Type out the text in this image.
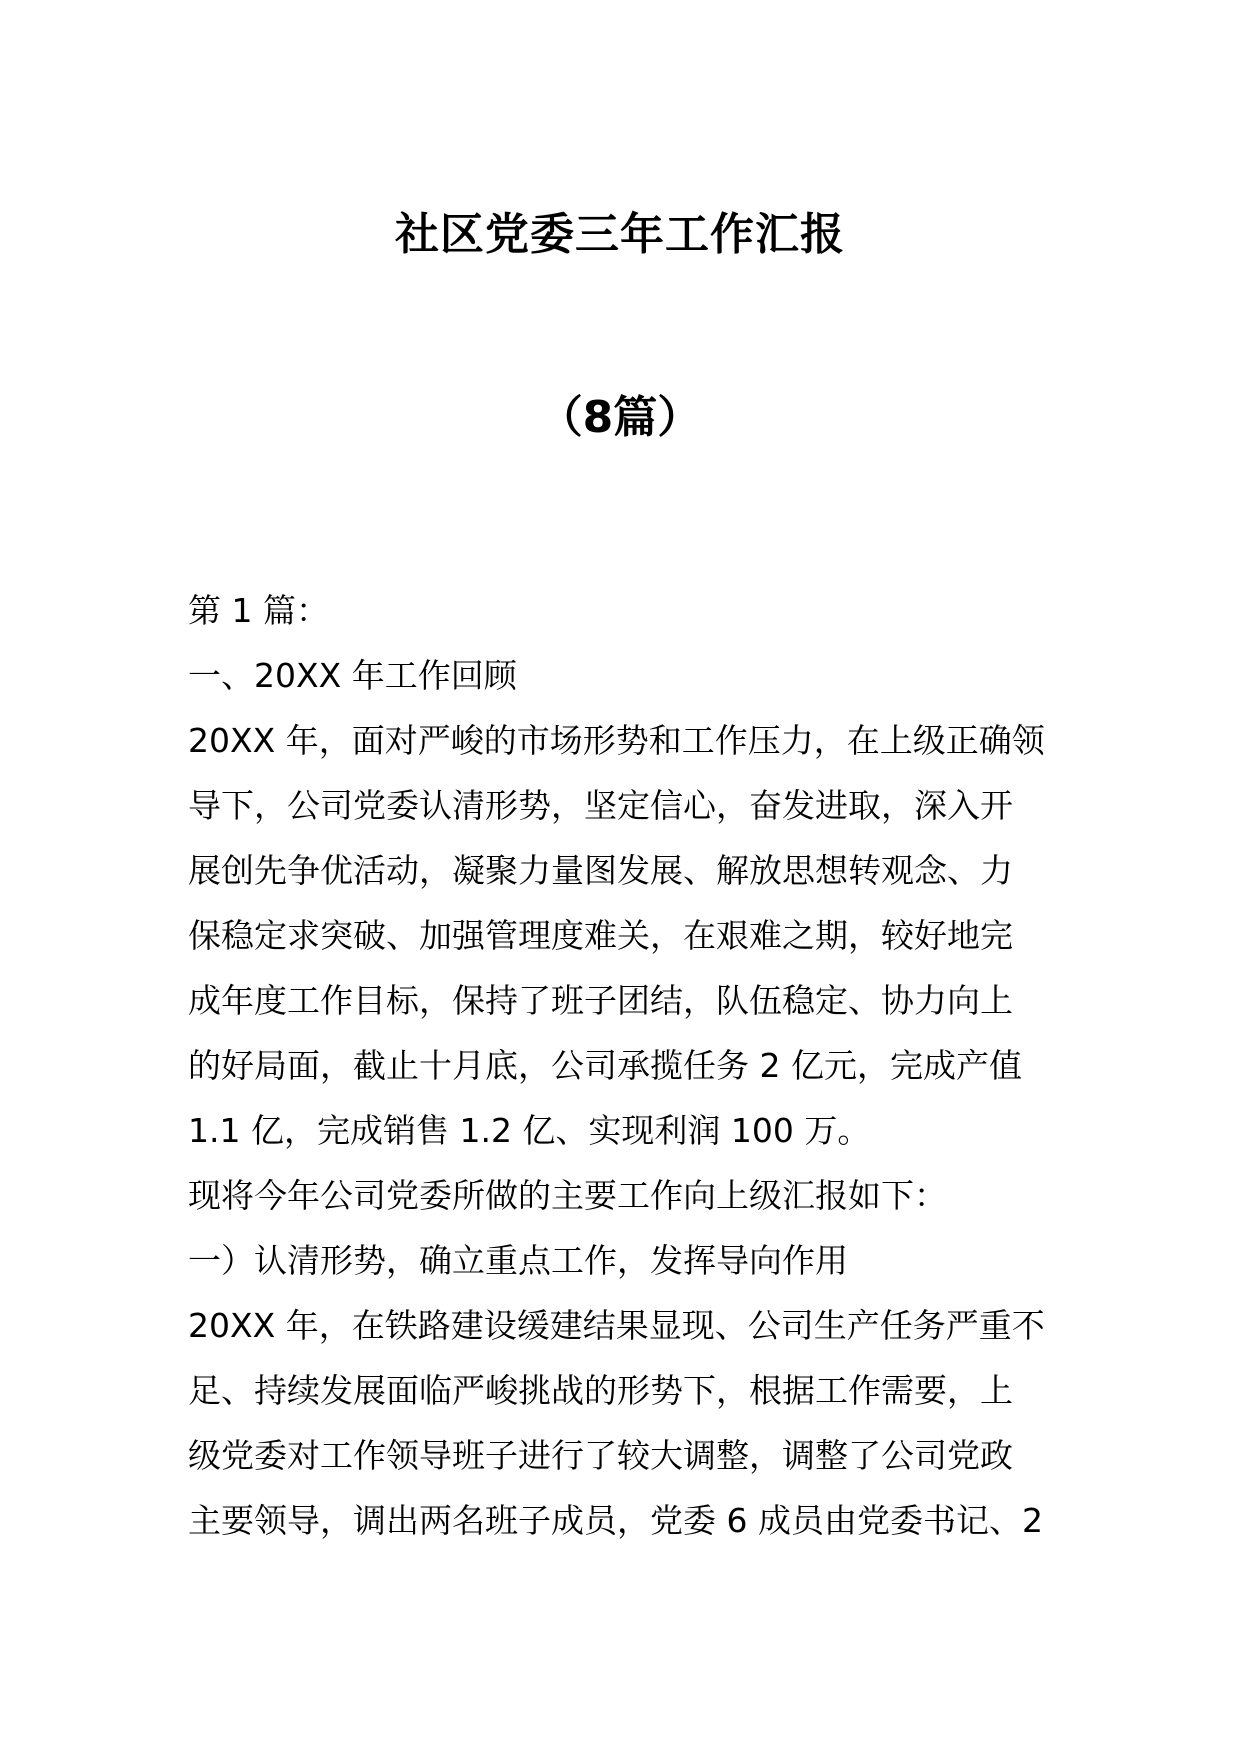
社区党委三年工作汇报
（8篇）
第 1 篇：
一、20XX 年工作回顾
20XX 年，面对严峻的市场形势和工作压力，在上级正确领
导下，公司党委认清形势，坚定信心，奋发进取，深入开
展创先争优活动，凝聚力量图发展、解放思想转观念、力
保稳定求突破、加强管理度难关，在艰难之期，较好地完
成年度工作目标，保持了班子团结，队伍稳定、协力向上
的好局面，截止十月底，公司承揽任务 2 亿元，完成产值
1.1 亿，完成销售 1.2 亿、实现利润 100 万。
现将今年公司党委所做的主要工作向上级汇报如下：
一）认清形势，确立重点工作，发挥导向作用
20XX 年，在铁路建设缓建结果显现、公司生产任务严重不
足、持续发展面临严峻挑战的形势下，根据工作需要，上
级党委对工作领导班子进行了较大调整，调整了公司党政
主要领导，调出两名班子成员，党委 6 成员由党委书记、2
